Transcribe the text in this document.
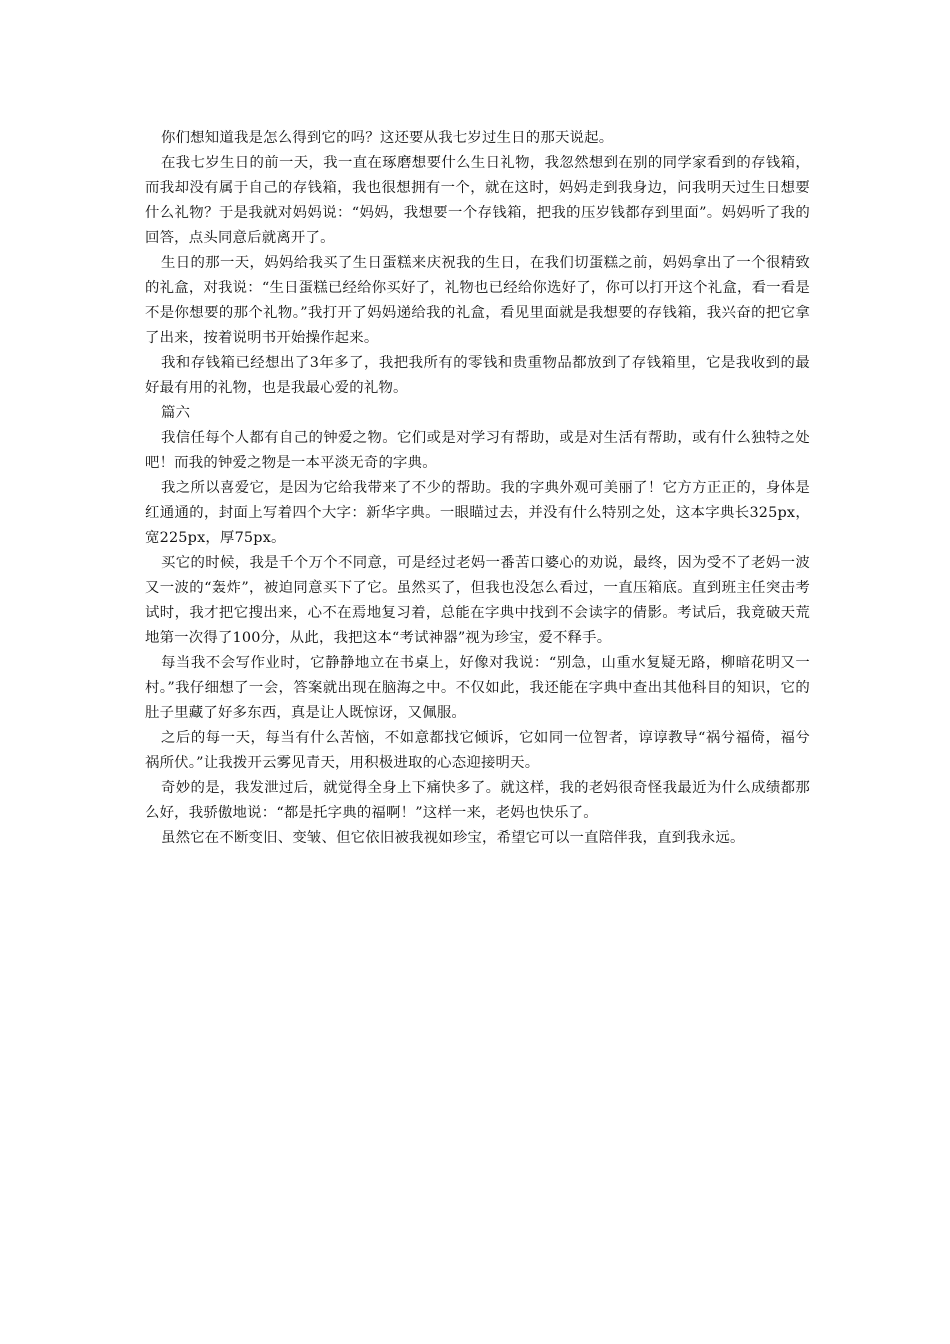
你们想知道我是怎么得到它的吗？这还要从我七岁过生日的那天说起。

在我七岁生日的前一天，我一直在琢磨想要什么生日礼物，我忽然想到在别的同学家看到的存钱箱，而我却没有属于自己的存钱箱，我也很想拥有一个，就在这时，妈妈走到我身边，问我明天过生日想要什么礼物？于是我就对妈妈说：“妈妈，我想要一个存钱箱，把我的压岁钱都存到里面”。妈妈听了我的回答，点头同意后就离开了。

生日的那一天，妈妈给我买了生日蛋糕来庆祝我的生日，在我们切蛋糕之前，妈妈拿出了一个很精致的礼盒，对我说：“生日蛋糕已经给你买好了，礼物也已经给你选好了，你可以打开这个礼盒，看一看是不是你想要的那个礼物。”我打开了妈妈递给我的礼盒，看见里面就是我想要的存钱箱，我兴奋的把它拿了出来，按着说明书开始操作起来。

我和存钱箱已经想出了3年多了，我把我所有的零钱和贵重物品都放到了存钱箱里，它是我收到的最好最有用的礼物，也是我最心爱的礼物。

篇六

我信任每个人都有自己的钟爱之物。它们或是对学习有帮助，或是对生活有帮助，或有什么独特之处吧！而我的钟爱之物是一本平淡无奇的字典。

我之所以喜爱它，是因为它给我带来了不少的帮助。我的字典外观可美丽了！它方方正正的，身体是红通通的，封面上写着四个大字：新华字典。一眼瞄过去，并没有什么特别之处，这本字典长325px，宽225px，厚75px。

买它的时候，我是千个万个不同意，可是经过老妈一番苦口婆心的劝说，最终，因为受不了老妈一波又一波的“轰炸”，被迫同意买下了它。虽然买了，但我也没怎么看过，一直压箱底。直到班主任突击考试时，我才把它搜出来，心不在焉地复习着，总能在字典中找到不会读字的倩影。考试后，我竟破天荒地第一次得了100分，从此，我把这本“考试神器”视为珍宝，爱不释手。

每当我不会写作业时，它静静地立在书桌上，好像对我说：“别急，山重水复疑无路，柳暗花明又一村。”我仔细想了一会，答案就出现在脑海之中。不仅如此，我还能在字典中查出其他科目的知识，它的肚子里藏了好多东西，真是让人既惊讶，又佩服。

之后的每一天，每当有什么苦恼，不如意都找它倾诉，它如同一位智者，谆谆教导“祸兮福倚，福兮祸所伏。”让我拨开云雾见青天，用积极进取的心态迎接明天。

奇妙的是，我发泄过后，就觉得全身上下痛快多了。就这样，我的老妈很奇怪我最近为什么成绩都那么好，我骄傲地说：“都是托字典的福啊！”这样一来，老妈也快乐了。

虽然它在不断变旧、变皱、但它依旧被我视如珍宝，希望它可以一直陪伴我，直到我永远。
